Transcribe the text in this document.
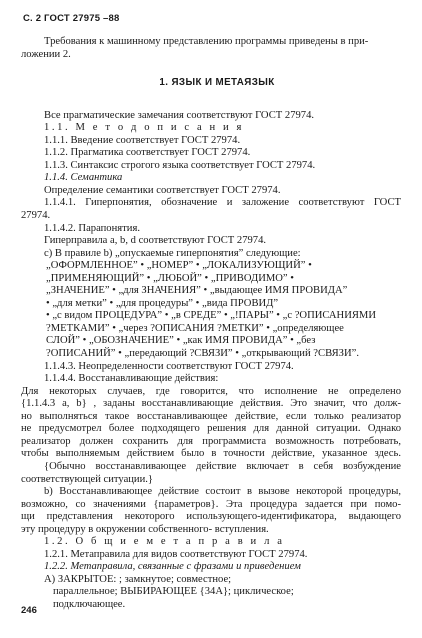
С. 2 ГОСТ 27975 –88
Требования к машинному представлению программы приведены в при-
ложении 2.
1. ЯЗЫК И МЕТАЯЗЫК
Все прагматические замечания соответствуют ГОСТ 27974.
1.1. М е т о д о п и с а н и я
1.1.1. Введение соответствует ГОСТ 27974.
1.1.2. Прагматика соответствует ГОСТ 27974.
1.1.3. Синтаксис строгого языка соответствует ГОСТ 27974.
1.1.4. Семантика
Определение семантики соответствует ГОСТ 27974.
1.1.4.1. Гиперпонятия, обозначение и заложение соответствуют ГОСТ
27974.
1.1.4.2. Парапонятия.
Гиперправила a, b, d соответствуют ГОСТ 27974.
c) В правиле b) „опускаемые гиперпонятия” следующие:
„ОФОРМЛЕННОЕ” • „НОМЕР” • „ЛОКАЛИЗУЮЩИЙ” •
„ПРИМЕНЯЮЩИЙ” • „ЛЮБОЙ” • „ПРИВОДИМО” •
„ЗНАЧЕНИЕ” • „для ЗНАЧЕНИЯ” • „выдающее ИМЯ ПРОВИДА”
• „для метки” • „для процедуры” • „вида ПРОВИД”
• „с видом ПРОЦЕДУРА” • „в СРЕДЕ” • „!ПАРЫ” • „с ?ОПИСАНИЯМИ
?МЕТКАМИ” • „через ?ОПИСАНИЯ ?МЕТКИ” • „определяющее
СЛОЙ” • „ОБОЗНАЧЕНИЕ” • „как ИМЯ ПРОВИДА” • „без
?ОПИСАНИЙ” • „передающий ?СВЯЗИ” • „открывающий ?СВЯЗИ”.
1.1.4.3. Неопределенности соответствуют ГОСТ 27974.
1.1.4.4. Восстанавливающие действия:
Для некоторых случаев, где говорится, что исполнение не определено
{1.1.4.3 a, b} , заданы восстанавливающие действия. Это значит, что долж-
но выполняться такое восстанавливающее действие, если только реализатор
не предусмотрел более подходящего решения для данной ситуации. Однако
реализатор должен сохранить для программиста возможность потребовать,
чтобы выполняемым действием было в точности действие, указанное здесь.
{Обычно восстанавливающее действие включает в себя возбуждение
соответствующей ситуации.}
b) Восстанавливающее действие состоит в вызове некоторой процедуры,
возможно, со значениями {параметров}. Эта процедура задается при помо-
щи представления некоторого использующего-идентификатора, выдающего
эту процедуру в окружении собственного- вступления.
1.2. О б щ и е м е т а п р а в и л а
1.2.1. Метаправила для видов соответствуют ГОСТ 27974.
1.2.2. Метаправила, связанные с фразами и приведением
A) ЗАКРЫТОЕ: ; замкнутое; совместное;
параллельное; ВЫБИРАЮЩЕЕ {34А}; циклическое;
подключающее.
246
